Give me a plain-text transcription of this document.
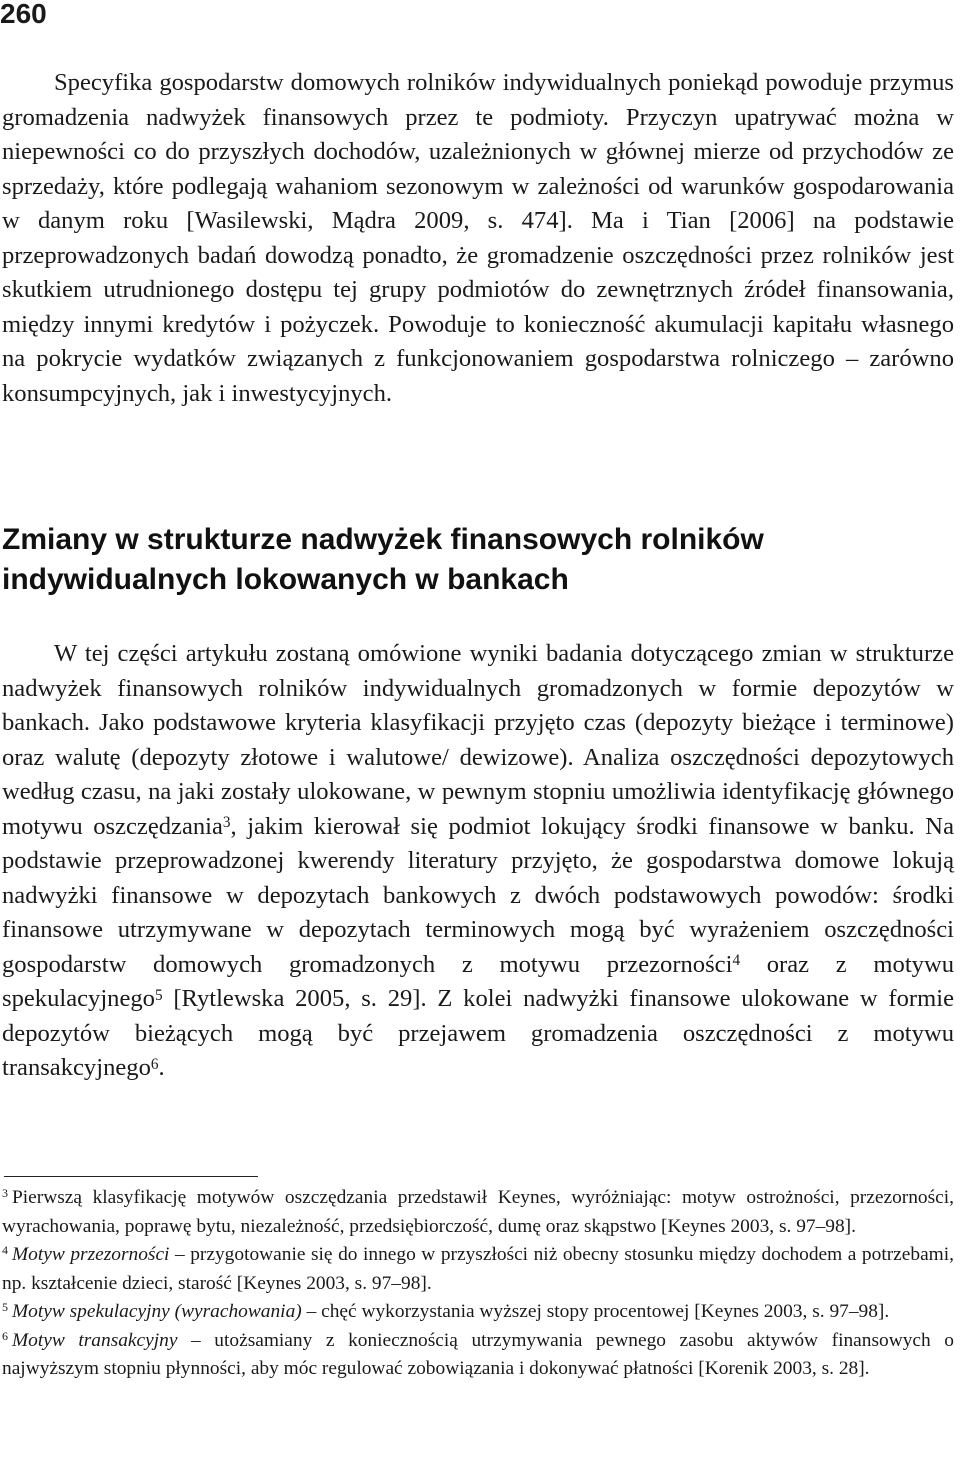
260

Specyfika gospodarstw domowych rolników indywidualnych poniekąd powoduje przymus gromadzenia nadwyżek finansowych przez te podmioty. Przyczyn upatrywać można w niepewności co do przyszłych dochodów, uzależnionych w głównej mierze od przychodów ze sprzedaży, które podlegają wahaniom sezonowym w zależności od warunków gospodarowania w danym roku [Wasilewski, Mądra 2009, s. 474]. Ma i Tian [2006] na podstawie przeprowadzonych badań dowodzą ponadto, że gromadzenie oszczędności przez rolników jest skutkiem utrudnionego dostępu tej grupy podmiotów do zewnętrznych źródeł finansowania, między innymi kredytów i pożyczek. Powoduje to konieczność akumulacji kapitału własnego na pokrycie wydatków związanych z funkcjonowaniem gospodarstwa rolniczego – zarówno konsumpcyjnych, jak i inwestycyjnych.

Zmiany w strukturze nadwyżek finansowych rolników indywidualnych lokowanych w bankach

W tej części artykułu zostaną omówione wyniki badania dotyczącego zmian w strukturze nadwyżek finansowych rolników indywidualnych gromadzonych w formie depozytów w bankach. Jako podstawowe kryteria klasyfikacji przyjęto czas (depozyty bieżące i terminowe) oraz walutę (depozyty złotowe i walutowe/ dewizowe). Analiza oszczędności depozytowych według czasu, na jaki zostały ulokowane, w pewnym stopniu umożliwia identyfikację głównego motywu oszczędzania$^3$, jakim kierował się podmiot lokujący środki finansowe w banku. Na podstawie przeprowadzonej kwerendy literatury przyjęto, że gospodarstwa domowe lokują nadwyżki finansowe w depozytach bankowych z dwóch podstawowych powodów: środki finansowe utrzymywane w depozytach terminowych mogą być wyrażeniem oszczędności gospodarstw domowych gromadzonych z motywu przezorności$^4$ oraz z motywu spekulacyjnego$^5$ [Rytlewska 2005, s. 29]. Z kolei nadwyżki finansowe ulokowane w formie depozytów bieżących mogą być przejawem gromadzenia oszczędności z motywu transakcyjnego$^6$.

$^3$ Pierwszą klasyfikację motywów oszczędzania przedstawił Keynes, wyróżniając: motyw ostrożności, przezorności, wyrachowania, poprawę bytu, niezależność, przedsiębiorczość, dumę oraz skąpstwo [Keynes 2003, s. 97–98].

$^4$ Motyw przezorności – przygotowanie się do innego w przyszłości niż obecny stosunku między dochodem a potrzebami, np. kształcenie dzieci, starość [Keynes 2003, s. 97–98].

$^5$ Motyw spekulacyjny (wyrachowania) – chęć wykorzystania wyższej stopy procentowej [Keynes 2003, s. 97–98].

$^6$ Motyw transakcyjny – utożsamiany z koniecznością utrzymywania pewnego zasobu aktywów finansowych o najwyższym stopniu płynności, aby móc regulować zobowiązania i dokonywać płatności [Korenik 2003, s. 28].
